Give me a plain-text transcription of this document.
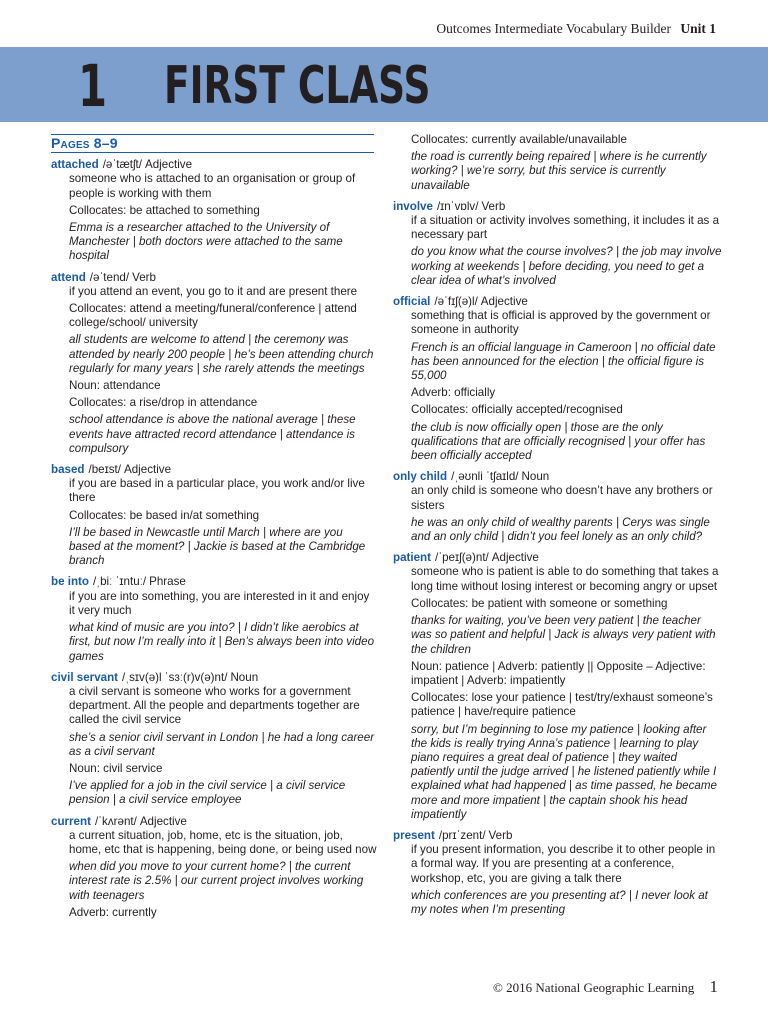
Outcomes Intermediate Vocabulary Builder Unit 1
1 FIRST CLASS
Pages 8–9
attached /əˈtætʃt/ Adjective

someone who is attached to an organisation or group of people is working with them

Collocates: be attached to something

Emma is a researcher attached to the University of Manchester | both doctors were attached to the same hospital

attend /əˈtend/ Verb

if you attend an event, you go to it and are present there

Collocates: attend a meeting/funeral/conference | attend college/school/ university

all students are welcome to attend | the ceremony was attended by nearly 200 people | he’s been attending church regularly for many years | she rarely attends the meetings

Noun: attendance

Collocates: a rise/drop in attendance

school attendance is above the national average | these events have attracted record attendance | attendance is compulsory

based /beɪst/ Adjective

if you are based in a particular place, you work and/or live there

Collocates: be based in/at something

I’ll be based in Newcastle until March | where are you based at the moment? | Jackie is based at the Cambridge branch

be into /ˌbiː ˈɪntuː/ Phrase

if you are into something, you are interested in it and enjoy it very much

what kind of music are you into? | I didn’t like aerobics at first, but now I’m really into it | Ben’s always been into video games

civil servant /ˌsɪv(ə)l ˈsɜː(r)v(ə)nt/ Noun

a civil servant is someone who works for a government department. All the people and departments together are called the civil service

she’s a senior civil servant in London | he had a long career as a civil servant

Noun: civil service

I’ve applied for a job in the civil service | a civil service pension | a civil service employee

current /ˈkʌrənt/ Adjective

a current situation, job, home, etc is the situation, job, home, etc that is happening, being done, or being used now

when did you move to your current home? | the current interest rate is 2.5% | our current project involves working with teenagers

Adverb: currently

Collocates: currently available/unavailable

the road is currently being repaired | where is he currently working? | we’re sorry, but this service is currently unavailable

involve /ɪnˈvɒlv/ Verb

if a situation or activity involves something, it includes it as a necessary part

do you know what the course involves? | the job may involve working at weekends | before deciding, you need to get a clear idea of what’s involved

official /əˈfɪʃ(ə)l/ Adjective

something that is official is approved by the government or someone in authority

French is an official language in Cameroon | no official date has been announced for the election | the official figure is 55,000

Adverb: officially

Collocates: officially accepted/recognised

the club is now officially open | those are the only qualifications that are officially recognised | your offer has been officially accepted

only child /ˌəʊnli ˈtʃaɪld/ Noun

an only child is someone who doesn’t have any brothers or sisters

he was an only child of wealthy parents | Cerys was single and an only child | didn’t you feel lonely as an only child?

patient /ˈpeɪʃ(ə)nt/ Adjective

someone who is patient is able to do something that takes a long time without losing interest or becoming angry or upset

Collocates: be patient with someone or something

thanks for waiting, you’ve been very patient | the teacher was so patient and helpful | Jack is always very patient with the children

Noun: patience | Adverb: patiently || Opposite – Adjective: impatient | Adverb: impatiently

Collocates: lose your patience | test/try/exhaust someone’s patience | have/require patience

sorry, but I’m beginning to lose my patience | looking after the kids is really trying Anna’s patience | learning to play piano requires a great deal of patience | they waited patiently until the judge arrived | he listened patiently while I explained what had happened | as time passed, he became more and more impatient | the captain shook his head impatiently

present /prɪˈzent/ Verb

if you present information, you describe it to other people in a formal way. If you are presenting at a conference, workshop, etc, you are giving a talk there

which conferences are you presenting at? | I never look at my notes when I’m presenting

© 2016 National Geographic Learning 1
